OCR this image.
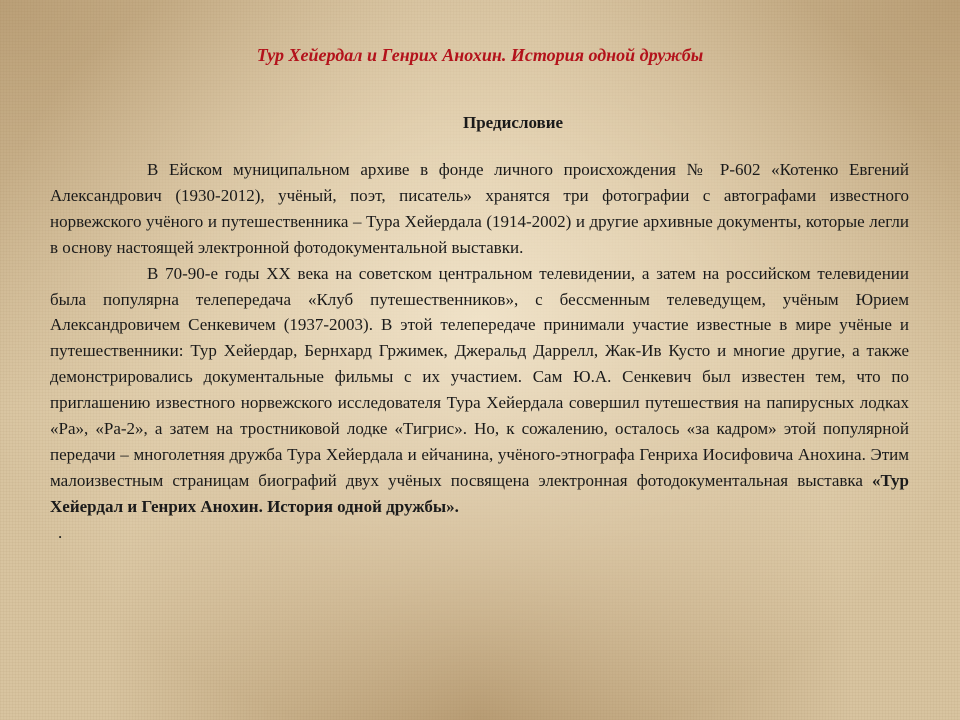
Тур Хейердал и Генрих Анохин. История одной дружбы
Предисловие

В Ейском муниципальном архиве в фонде личного происхождения № Р-602 «Котенко Евгений Александрович (1930-2012), учёный, поэт, писатель» хранятся три фотографии с автографами известного норвежского учёного и путешественника – Тура Хейердала (1914-2002) и другие архивные документы, которые легли в основу настоящей электронной фотодокументальной выставки.

В 70-90-е годы XX века на советском центральном телевидении, а затем на российском телевидении была популярна телепередача «Клуб путешественников», с бессменным телеведущем, учёным Юрием Александровичем Сенкевичем (1937-2003). В этой телепередаче принимали участие известные в мире учёные и путешественники: Тур Хейердар, Бернхард Гржимек, Джеральд Даррелл, Жак-Ив Кусто и многие другие, а также демонстрировались документальные фильмы с их участием. Сам Ю.А. Сенкевич был известен тем, что по приглашению известного норвежского исследователя Тура Хейердала совершил путешествия на папирусных лодках «Ра», «Ра-2», а затем на тростниковой лодке «Тигрис». Но, к сожалению, осталось «за кадром» этой популярной передачи – многолетняя дружба Тура Хейердала и ейчанина, учёного-этнографа Генриха Иосифовича Анохина. Этим малоизвестным страницам биографий двух учёных посвящена электронная фотодокументальная выставка «Тур Хейердал и Генрих Анохин. История одной дружбы».

.
